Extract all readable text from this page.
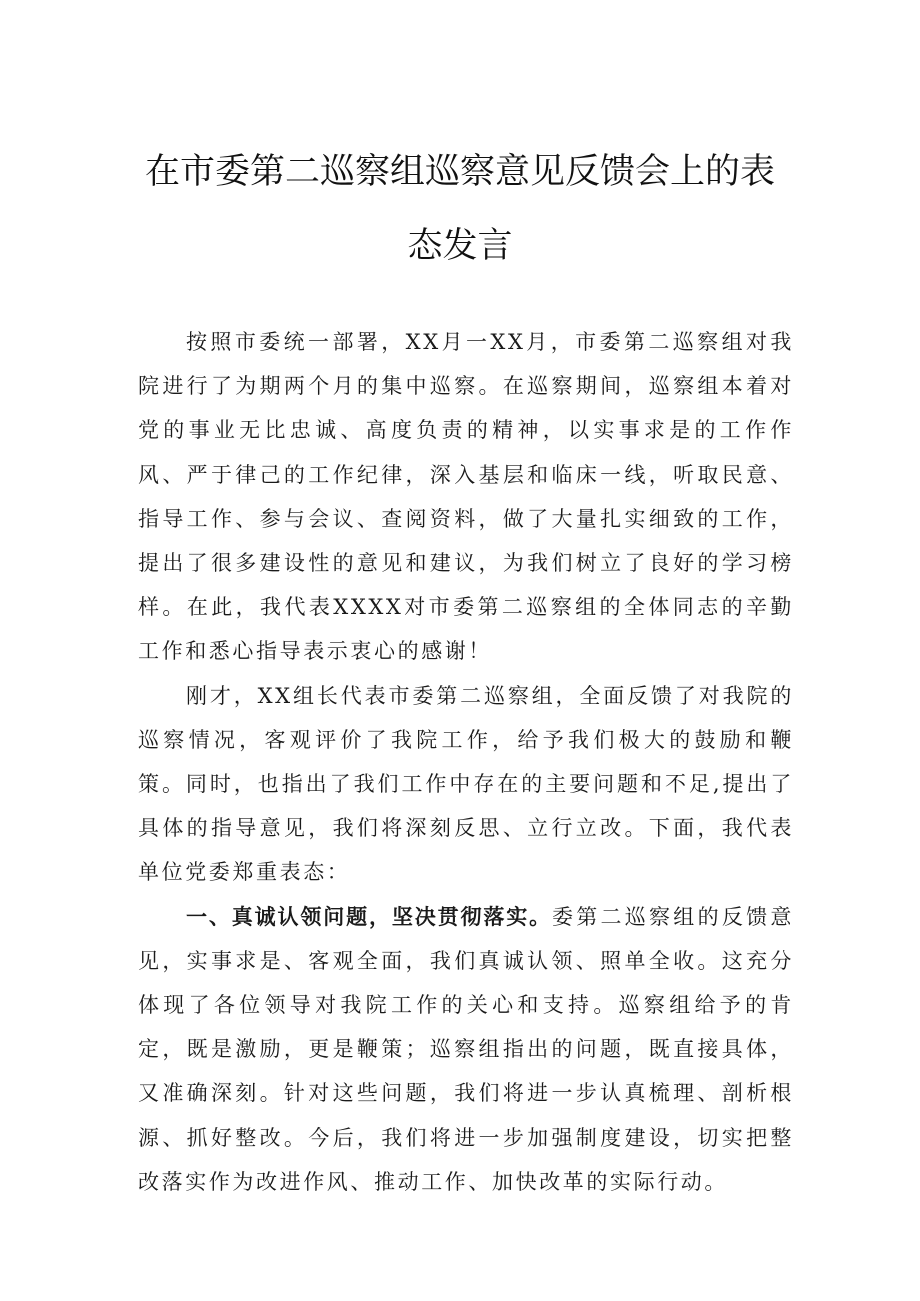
在市委第二巡察组巡察意见反馈会上的表
态发言

按照市委统一部署，XX月一XX月，市委第二巡察组对我院进行了为期两个月的集中巡察。在巡察期间，巡察组本着对党的事业无比忠诚、高度负责的精神，以实事求是的工作作风、严于律己的工作纪律，深入基层和临床一线，听取民意、指导工作、参与会议、查阅资料，做了大量扎实细致的工作，提出了很多建设性的意见和建议，为我们树立了良好的学习榜样。在此，我代表XXXX对市委第二巡察组的全体同志的辛勤工作和悉心指导表示衷心的感谢！

刚才，XX组长代表市委第二巡察组，全面反馈了对我院的巡察情况，客观评价了我院工作，给予我们极大的鼓励和鞭策。同时，也指出了我们工作中存在的主要问题和不足,提出了具体的指导意见，我们将深刻反思、立行立改。下面，我代表单位党委郑重表态：

一、真诚认领问题，坚决贯彻落实。委第二巡察组的反馈意见，实事求是、客观全面，我们真诚认领、照单全收。这充分体现了各位领导对我院工作的关心和支持。巡察组给予的肯定，既是激励，更是鞭策；巡察组指出的问题，既直接具体，又准确深刻。针对这些问题，我们将进一步认真梳理、剖析根源、抓好整改。今后，我们将进一步加强制度建设，切实把整改落实作为改进作风、推动工作、加快改革的实际行动。
